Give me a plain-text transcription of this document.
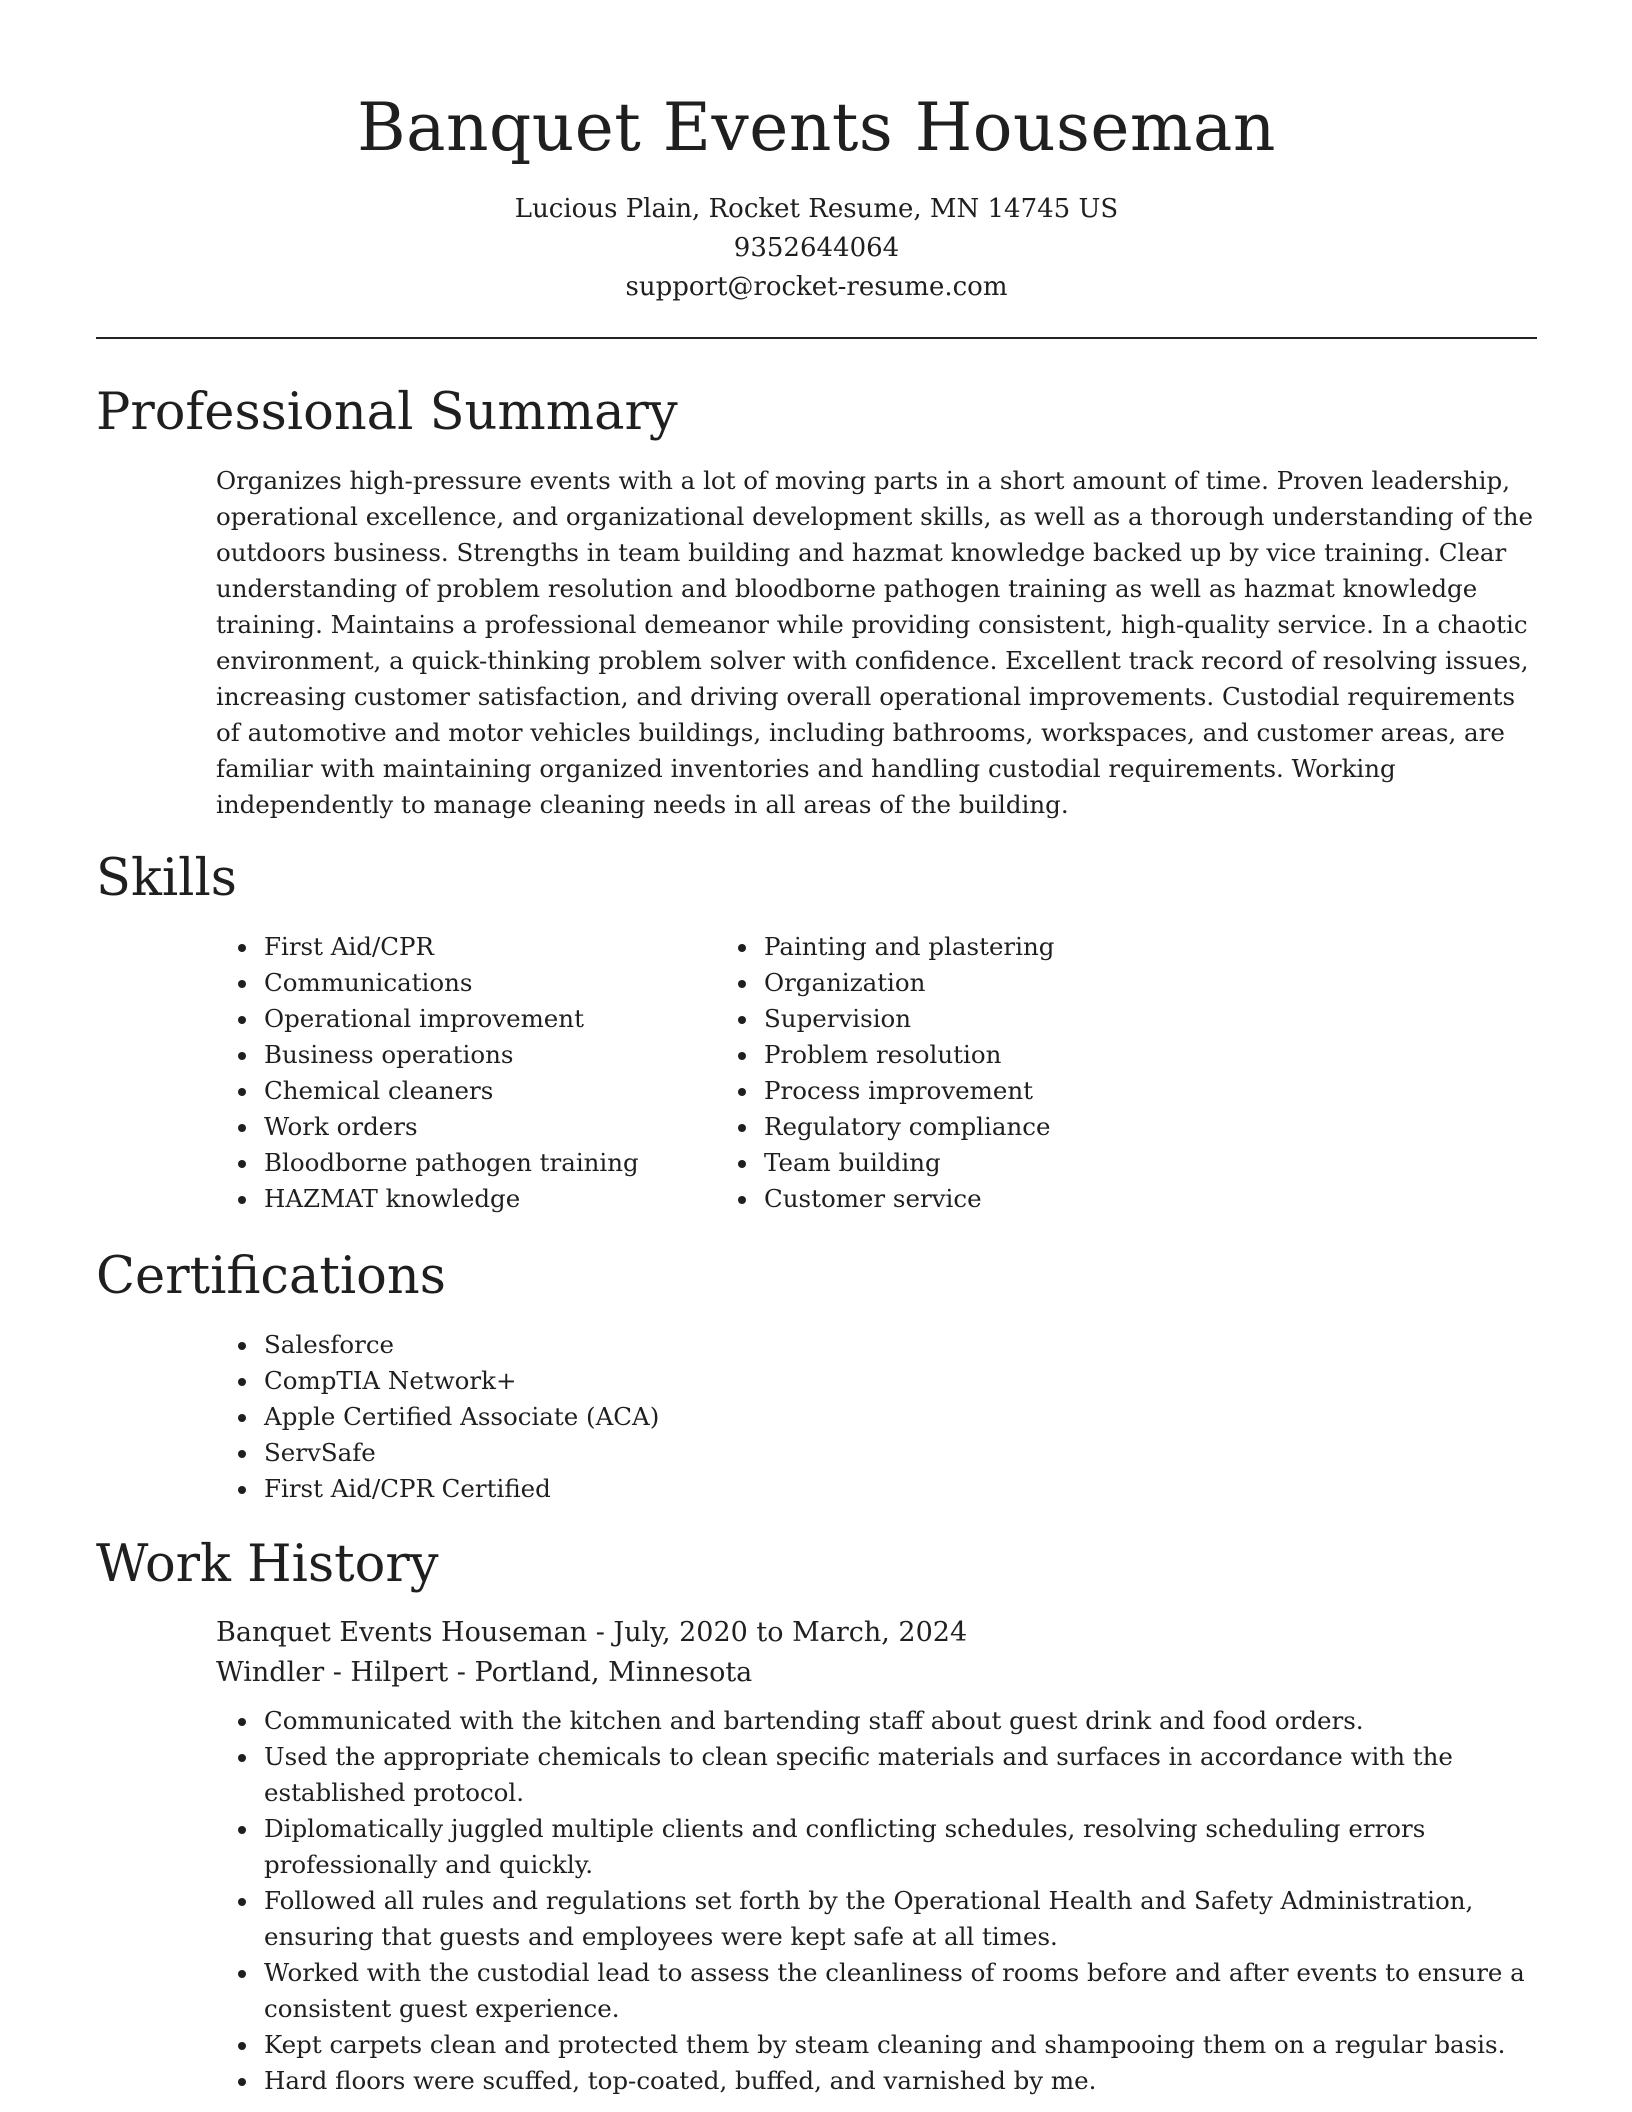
Banquet Events Houseman
Lucious Plain, Rocket Resume, MN 14745 US
9352644064
support@rocket-resume.com
Professional Summary

Organizes high-pressure events with a lot of moving parts in a short amount of time. Proven leadership, operational excellence, and organizational development skills, as well as a thorough understanding of the outdoors business. Strengths in team building and hazmat knowledge backed up by vice training. Clear understanding of problem resolution and bloodborne pathogen training as well as hazmat knowledge training. Maintains a professional demeanor while providing consistent, high-quality service. In a chaotic environment, a quick-thinking problem solver with confidence. Excellent track record of resolving issues, increasing customer satisfaction, and driving overall operational improvements. Custodial requirements of automotive and motor vehicles buildings, including bathrooms, workspaces, and customer areas, are familiar with maintaining organized inventories and handling custodial requirements. Working independently to manage cleaning needs in all areas of the building.

Skills
• First Aid/CPR
• Communications
• Operational improvement
• Business operations
• Chemical cleaners
• Work orders
• Bloodborne pathogen training
• HAZMAT knowledge
• Painting and plastering
• Organization
• Supervision
• Problem resolution
• Process improvement
• Regulatory compliance
• Team building
• Customer service
Certifications
• Salesforce
• CompTIA Network+
• Apple Certified Associate (ACA)
• ServSafe
• First Aid/CPR Certified
Work History
Banquet Events Houseman - July, 2020 to March, 2024
Windler - Hilpert - Portland, Minnesota
• Communicated with the kitchen and bartending staff about guest drink and food orders.
• Used the appropriate chemicals to clean specific materials and surfaces in accordance with the established protocol.
• Diplomatically juggled multiple clients and conflicting schedules, resolving scheduling errors professionally and quickly.
• Followed all rules and regulations set forth by the Operational Health and Safety Administration, ensuring that guests and employees were kept safe at all times.
• Worked with the custodial lead to assess the cleanliness of rooms before and after events to ensure a consistent guest experience.
• Kept carpets clean and protected them by steam cleaning and shampooing them on a regular basis.
• Hard floors were scuffed, top-coated, buffed, and varnished by me.
